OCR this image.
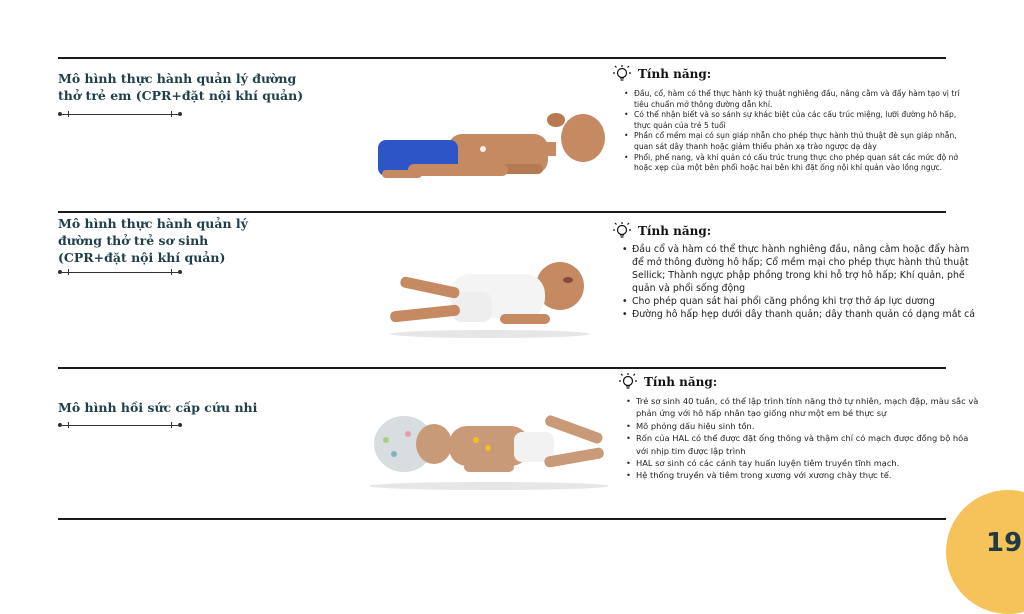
Mô hình thực hành quản lý đường
thở trẻ em (CPR+đặt nội khí quản)
Tính năng:
• Đầu, cổ, hàm có thể thực hành kỹ thuật nghiêng đầu, nâng cằm và đẩy hàm tạo vị trí tiêu chuẩn mở thông đường dẫn khí.
• Có thể nhận biết và so sánh sự khác biệt của các cấu trúc miệng, lưỡi đường hô hấp, thực quản của trẻ 5 tuổi
• Phần cổ mềm mại có sụn giáp nhẫn cho phép thực hành thủ thuật đè sụn giáp nhẫn, quan sát dây thanh hoặc giảm thiểu phản xạ trào ngược dạ dày
• Phổi, phế nang, và khí quản có cấu trúc trung thực cho phép quan sát các mức độ nở hoặc xẹp của một bên phổi hoặc hai bên khi đặt ống nội khí quản vào lồng ngực.
Mô hình thực hành quản lý
đường thở trẻ sơ sinh
(CPR+đặt nội khí quản)
Tính năng:
• Đầu cổ và hàm có thể thực hành nghiêng đầu, nâng cằm hoặc đẩy hàm để mở thông đường hô hấp; Cổ mềm mại cho phép thực hành thủ thuật Sellick; Thành ngực phập phồng trong khi hỗ trợ hô hấp; Khí quản, phế quản và phổi sống động
• Cho phép quan sát hai phổi căng phồng khi trợ thở áp lực dương
• Đường hô hấp hẹp dưới dây thanh quản; dây thanh quản có dạng mắt cá
Mô hình hồi sức cấp cứu nhi
Tính năng:
• Trẻ sơ sinh 40 tuần, có thể lập trình tính năng thở tự nhiên, mạch đập, màu sắc và phản ứng với hô hấp nhân tạo giống như một em bé thực sự
• Mô phỏng dấu hiệu sinh tồn.
• Rốn của HAL có thể được đặt ống thông và thậm chí có mạch được đồng bộ hóa với nhịp tim được lập trình
• HAL sơ sinh có các cánh tay huấn luyện tiêm truyền tĩnh mạch.
• Hệ thống truyền và tiêm trong xương với xương chày thực tế.
19
